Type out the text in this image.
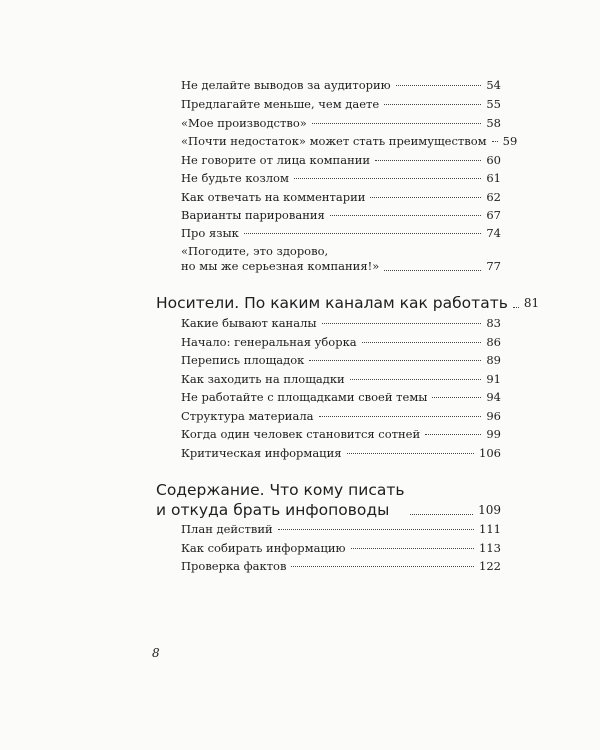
Не делайте выводов за аудиторию	54
Предлагайте меньше, чем даете	55
«Мое производство»	58
«Почти недостаток» может стать преимуществом 59
Не говорите от лица компании	60
Не будьте козлом	61
Как отвечать на комментарии	62
Варианты парирования	67
Про язык	74
«Погодите, это здорово,
но мы же серьезная компания!»	77
Носители. По каким каналам как работать 81
Какие бывают каналы	83
Начало: генеральная уборка	86
Перепись площадок	89
Как заходить на площадки	91
Не работайте с площадками своей темы	94
Структура материала	96
Когда один человек становится сотней	99
Критическая информация	106
Содержание. Что кому писать
и откуда брать инфоповоды	109
План действий	111
Как собирать информацию	113
Проверка фактов	122
8
